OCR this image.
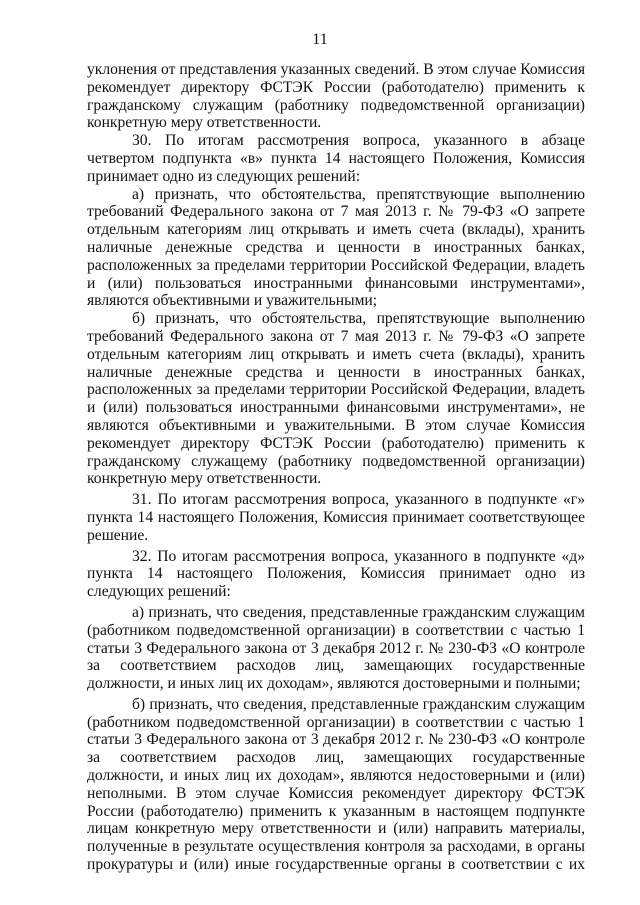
11

уклонения от представления указанных сведений. В этом случае Комиссия рекомендует директору ФСТЭК России (работодателю) применить к гражданскому служащим (работнику подведомственной организации) конкретную меру ответственности.

30. По итогам рассмотрения вопроса, указанного в абзаце четвертом подпункта «в» пункта 14 настоящего Положения, Комиссия принимает одно из следующих решений:

а) признать, что обстоятельства, препятствующие выполнению требований Федерального закона от 7 мая 2013 г. № 79-ФЗ «О запрете отдельным категориям лиц открывать и иметь счета (вклады), хранить наличные денежные средства и ценности в иностранных банках, расположенных за пределами территории Российской Федерации, владеть и (или) пользоваться иностранными финансовыми инструментами», являются объективными и уважительными;

б) признать, что обстоятельства, препятствующие выполнению требований Федерального закона от 7 мая 2013 г. № 79-ФЗ «О запрете отдельным категориям лиц открывать и иметь счета (вклады), хранить наличные денежные средства и ценности в иностранных банках, расположенных за пределами территории Российской Федерации, владеть и (или) пользоваться иностранными финансовыми инструментами», не являются объективными и уважительными. В этом случае Комиссия рекомендует директору ФСТЭК России (работодателю) применить к гражданскому служащему (работнику подведомственной организации) конкретную меру ответственности.

31. По итогам рассмотрения вопроса, указанного в подпункте «г» пункта 14 настоящего Положения, Комиссия принимает соответствующее решение.

32. По итогам рассмотрения вопроса, указанного в подпункте «д» пункта 14 настоящего Положения, Комиссия принимает одно из следующих решений:

а) признать, что сведения, представленные гражданским служащим (работником подведомственной организации) в соответствии с частью 1 статьи 3 Федерального закона от 3 декабря 2012 г. № 230-ФЗ «О контроле за соответствием расходов лиц, замещающих государственные должности, и иных лиц их доходам», являются достоверными и полными;

б) признать, что сведения, представленные гражданским служащим (работником подведомственной организации) в соответствии с частью 1 статьи 3 Федерального закона от 3 декабря 2012 г. № 230-ФЗ «О контроле за соответствием расходов лиц, замещающих государственные должности, и иных лиц их доходам», являются недостоверными и (или) неполными. В этом случае Комиссия рекомендует директору ФСТЭК России (работодателю) применить к указанным в настоящем подпункте лицам конкретную меру ответственности и (или) направить материалы, полученные в результате осуществления контроля за расходами, в органы прокуратуры и (или) иные государственные органы в соответствии с их
